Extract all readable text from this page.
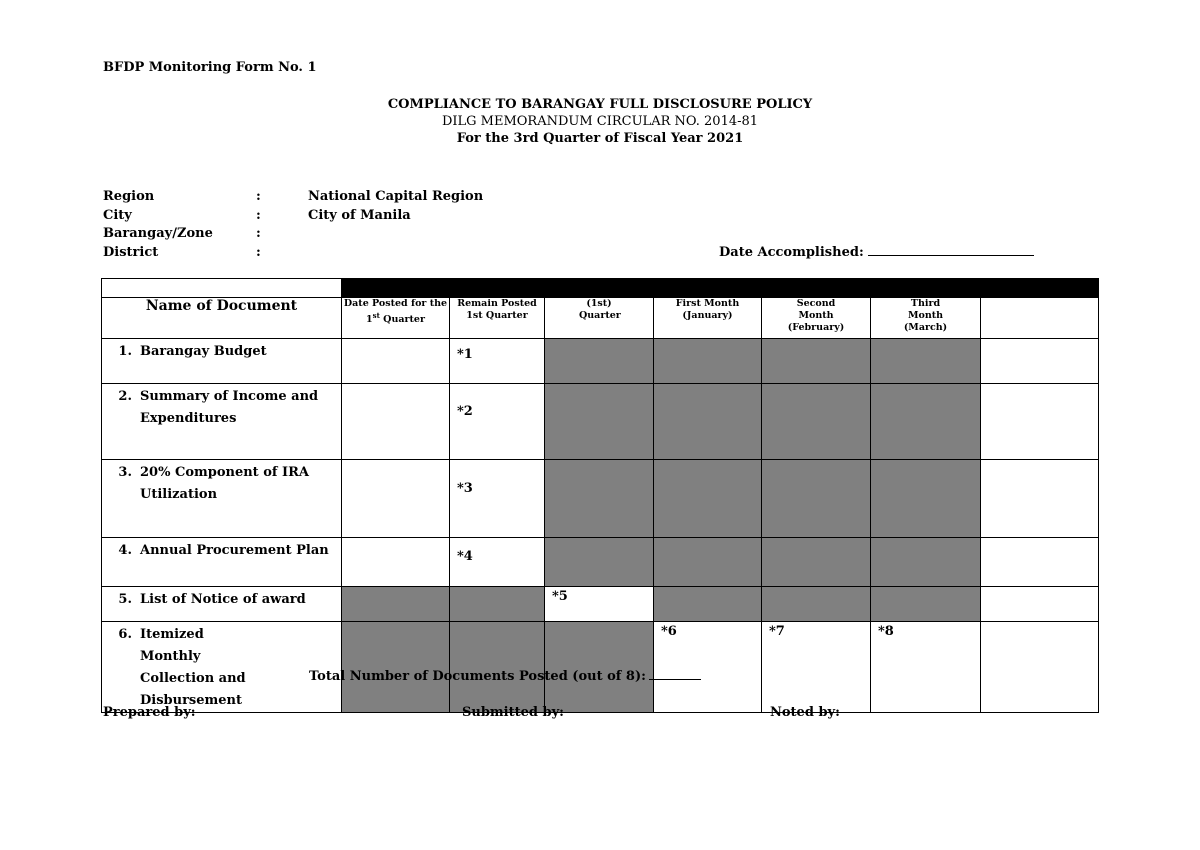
BFDP Monitoring Form No. 1
COMPLIANCE TO BARANGAY FULL DISCLOSURE POLICY
DILG MEMORANDUM CIRCULAR NO. 2014-81
For the 3rd Quarter of Fiscal Year 2021
Region	:	National Capital Region
City	:	City of Manila
Barangay/Zone	:
District	:	Date Accomplished:

Name of Document	Date Posted for the 1st Quarter	Remain Posted 1st Quarter	(1st) Quarter	First Month (January)	Second Month (February)	Third Month (March)	

1. Barangay Budget		*1					

2. Summary of Income and Expenditures		*2					

3. 20% Component of IRA Utilization		*3					

4. Annual Procurement Plan		*4					

5. List of Notice of award			*5				

6. Itemized Monthly Collection and Disbursement				*6	*7	*8	
Total Number of Documents Posted (out of 8):
Prepared by:	Submitted by:	Noted by:
